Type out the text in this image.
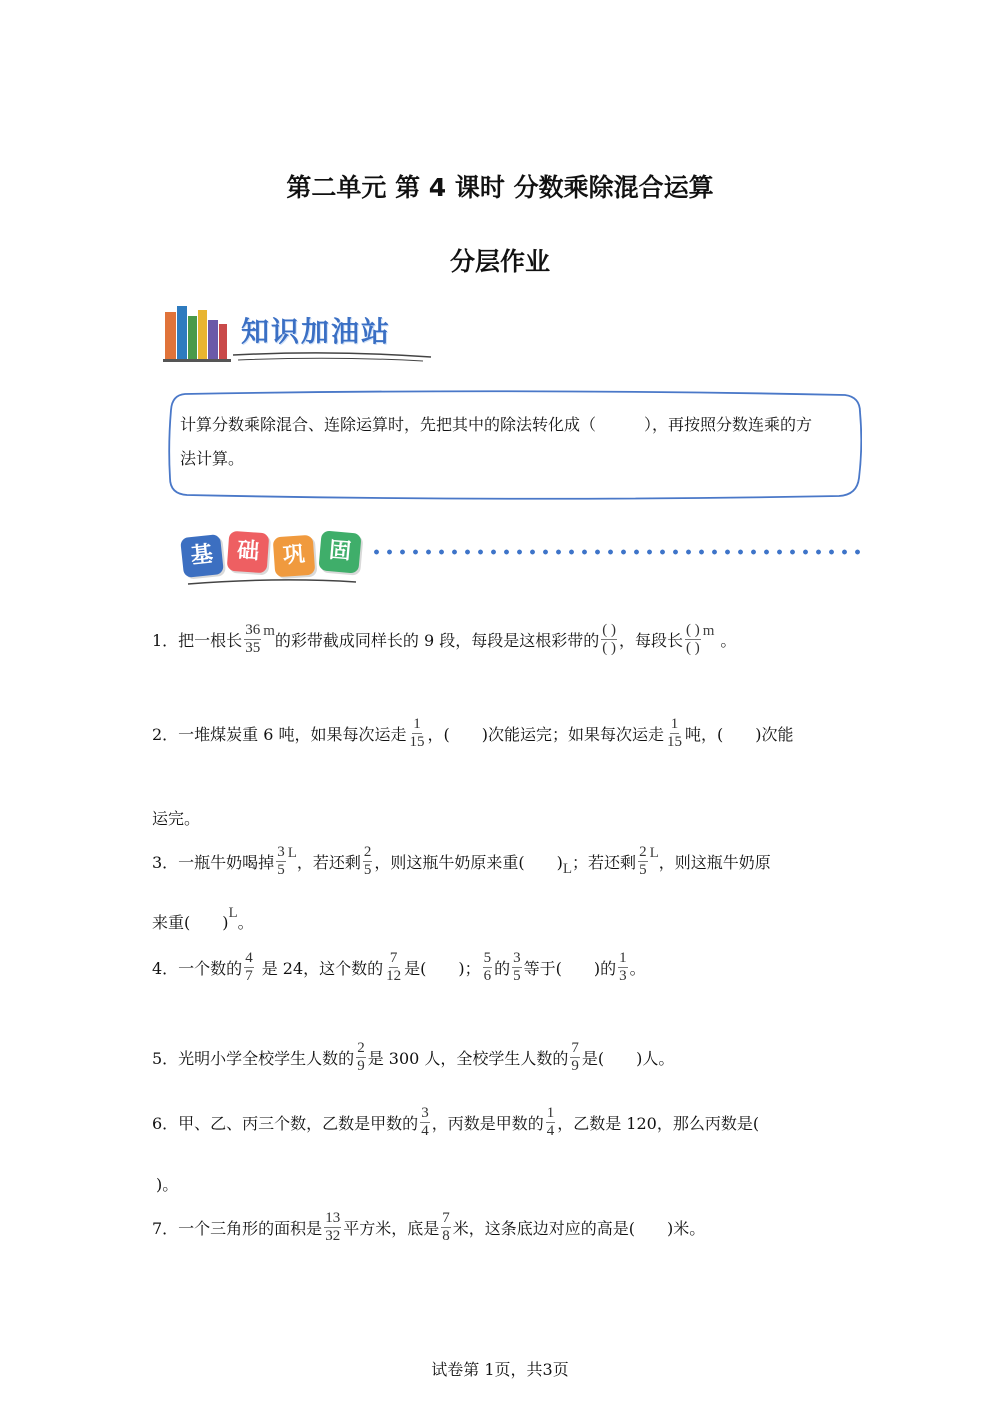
第二单元 第 4 课时 分数乘除混合运算
分层作业
知识加油站
计算分数乘除混合、连除运算时，先把其中的除法转化成（　　　），再按照分数连乘的方
法计算。
基 础	巩	固
1．把一根长 $\frac{36}{35}$ m的彩带截成同样长的 9 段，每段是这根彩带的 $\frac{( )}{( )}$ ，每段长 $\frac{( )}{( )}$ m 。
2．一堆煤炭重 6 吨，如果每次运走 $\frac{1}{15}$ ，(　　)次能运完；如果每次运走 $\frac{1}{15}$ 吨，(　　)次能
运完。
3．一瓶牛奶喝掉 $\frac{3}{5}$ L，若还剩 $\frac{2}{5}$ ，则这瓶牛奶原来重(　　)L；若还剩 $\frac{2}{5}$ L，则这瓶牛奶原
来重(　　)L。
4．一个数的 $\frac{4}{7}$ 是 24，这个数的 $\frac{7}{12}$ 是(　　)； $\frac{5}{6}$ 的 $\frac{3}{5}$ 等于(　　)的 $\frac{1}{3}$ 。
5．光明小学全校学生人数的 $\frac{2}{9}$ 是 300 人，全校学生人数的 $\frac{7}{9}$ 是(　　)人。
6．甲、乙、丙三个数，乙数是甲数的 $\frac{3}{4}$ ，丙数是甲数的 $\frac{1}{4}$ ，乙数是 120，那么丙数是(
)。
7．一个三角形的面积是 $\frac{13}{32}$ 平方米，底是 $\frac{7}{8}$ 米，这条底边对应的高是(　　)米。
试卷第 1页，共3页
